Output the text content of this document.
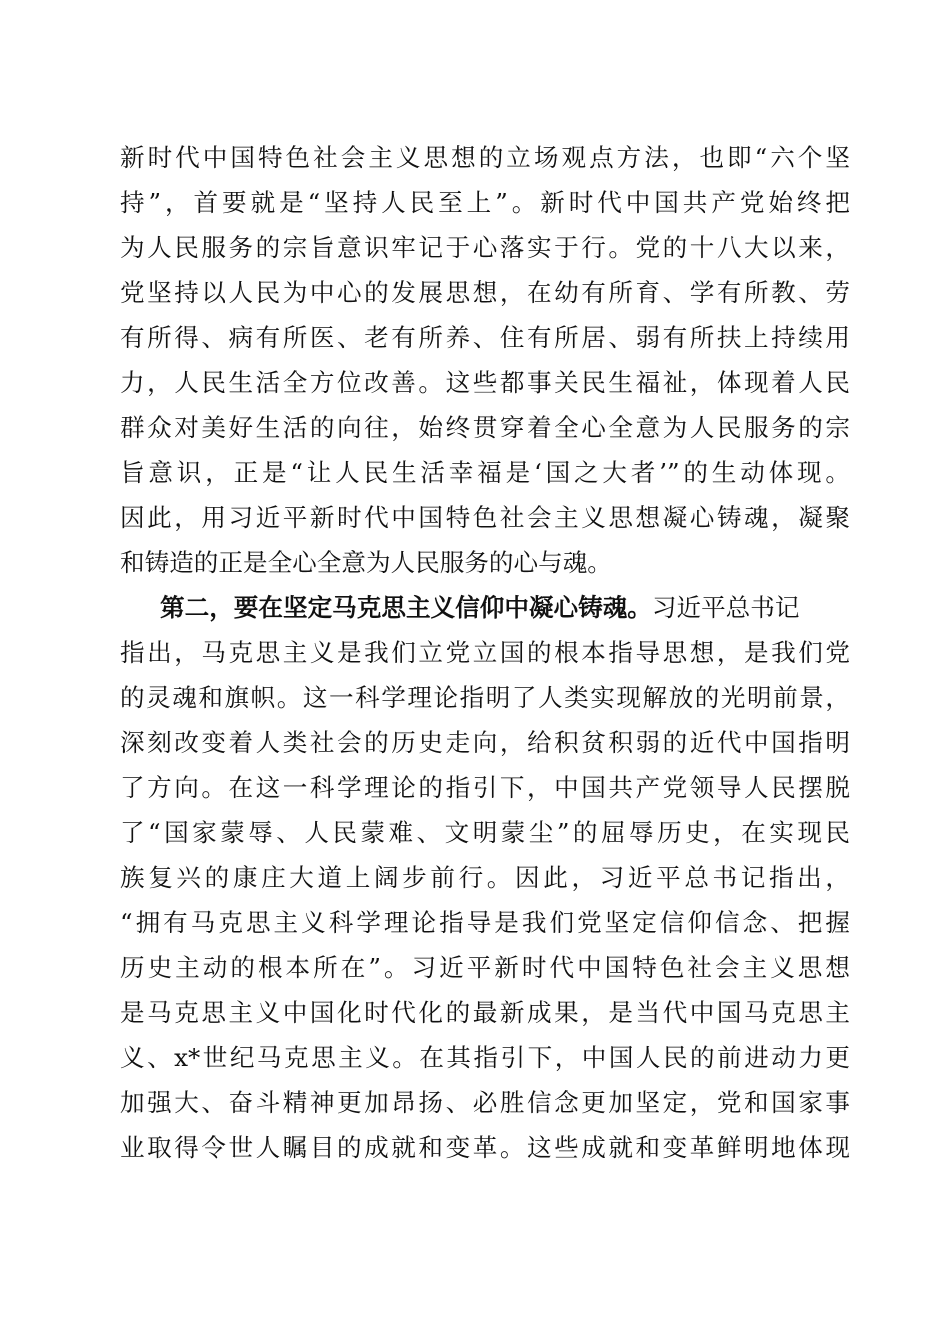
新时代中国特色社会主义思想的立场观点方法，也即“六个坚
持”，首要就是“坚持人民至上”。新时代中国共产党始终把
为人民服务的宗旨意识牢记于心落实于行。党的十八大以来，
党坚持以人民为中心的发展思想，在幼有所育、学有所教、劳
有所得、病有所医、老有所养、住有所居、弱有所扶上持续用
力，人民生活全方位改善。这些都事关民生福祉，体现着人民
群众对美好生活的向往，始终贯穿着全心全意为人民服务的宗
旨意识，正是“让人民生活幸福是‘国之大者’”的生动体现。
因此，用习近平新时代中国特色社会主义思想凝心铸魂，凝聚
和铸造的正是全心全意为人民服务的心与魂。
第二，要在坚定马克思主义信仰中凝心铸魂。习近平总书记
指出，马克思主义是我们立党立国的根本指导思想，是我们党
的灵魂和旗帜。这一科学理论指明了人类实现解放的光明前景，
深刻改变着人类社会的历史走向，给积贫积弱的近代中国指明
了方向。在这一科学理论的指引下，中国共产党领导人民摆脱
了“国家蒙辱、人民蒙难、文明蒙尘”的屈辱历史，在实现民
族复兴的康庄大道上阔步前行。因此，习近平总书记指出，
“拥有马克思主义科学理论指导是我们党坚定信仰信念、把握
历史主动的根本所在”。习近平新时代中国特色社会主义思想
是马克思主义中国化时代化的最新成果，是当代中国马克思主
义、x*世纪马克思主义。在其指引下，中国人民的前进动力更
加强大、奋斗精神更加昂扬、必胜信念更加坚定，党和国家事
业取得令世人瞩目的成就和变革。这些成就和变革鲜明地体现
